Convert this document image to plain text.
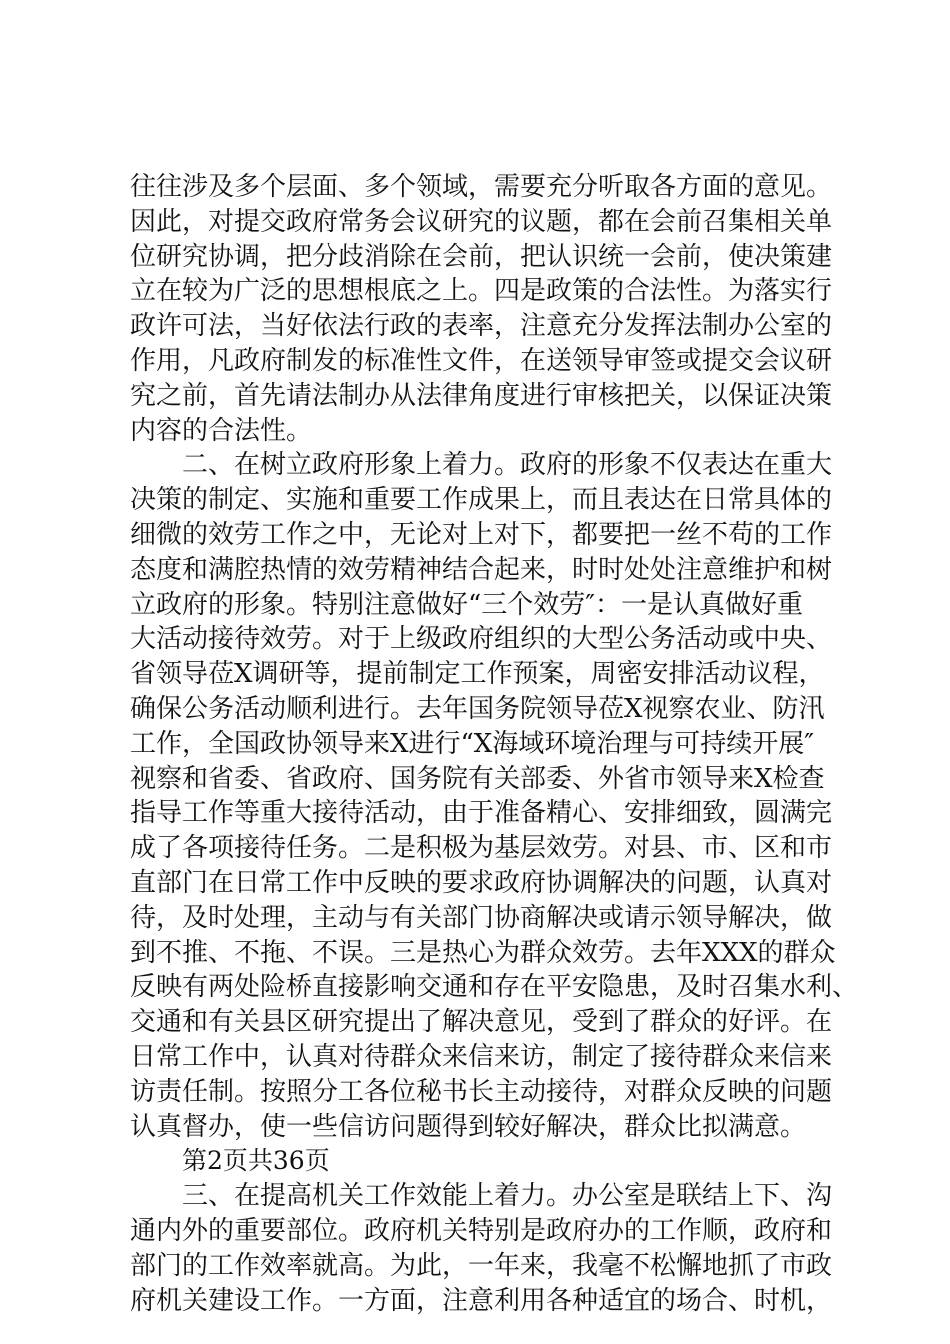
往往涉及多个层面、多个领域，需要充分听取各方面的意见。
因此，对提交政府常务会议研究的议题，都在会前召集相关单
位研究协调，把分歧消除在会前，把认识统一会前，使决策建
立在较为广泛的思想根底之上。四是政策的合法性。为落实行
政许可法，当好依法行政的表率，注意充分发挥法制办公室的
作用，凡政府制发的标准性文件，在送领导审签或提交会议研
究之前，首先请法制办从法律角度进行审核把关，以保证决策
内容的合法性。
二、在树立政府形象上着力。政府的形象不仅表达在重大
决策的制定、实施和重要工作成果上，而且表达在日常具体的
细微的效劳工作之中，无论对上对下，都要把一丝不苟的工作
态度和满腔热情的效劳精神结合起来，时时处处注意维护和树
立政府的形象。特别注意做好“三个效劳″：一是认真做好重
大活动接待效劳。对于上级政府组织的大型公务活动或中央、
省领导莅X调研等，提前制定工作预案，周密安排活动议程，
确保公务活动顺利进行。去年国务院领导莅X视察农业、防汛
工作，全国政协领导来X进行“X海域环境治理与可持续开展″
视察和省委、省政府、国务院有关部委、外省市领导来X检查
指导工作等重大接待活动，由于准备精心、安排细致，圆满完
成了各项接待任务。二是积极为基层效劳。对县、市、区和市
直部门在日常工作中反映的要求政府协调解决的问题，认真对
待，及时处理，主动与有关部门协商解决或请示领导解决，做
到不推、不拖、不误。三是热心为群众效劳。去年XXX的群众
反映有两处险桥直接影响交通和存在平安隐患，及时召集水利、
交通和有关县区研究提出了解决意见，受到了群众的好评。在
日常工作中，认真对待群众来信来访，制定了接待群众来信来
访责任制。按照分工各位秘书长主动接待，对群众反映的问题
认真督办，使一些信访问题得到较好解决，群众比拟满意。
第2页共36页
三、在提高机关工作效能上着力。办公室是联结上下、沟
通内外的重要部位。政府机关特别是政府办的工作顺，政府和
部门的工作效率就高。为此，一年来，我毫不松懈地抓了市政
府机关建设工作。一方面，注意利用各种适宜的场合、时机，
